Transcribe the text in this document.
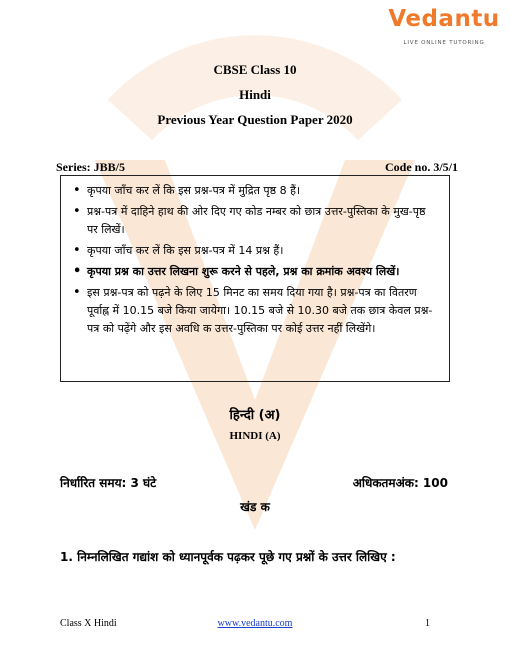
Vedantu
LIVE ONLINE TUTORING
CBSE Class 10
Hindi
Previous Year Question Paper 2020
Series: JBB/5	Code no. 3/5/1
• कृपया जाँच कर लें कि इस प्रश्न-पत्र में मुद्रित पृष्ठ 8 हैं।
• प्रश्न-पत्र में दाहिने हाथ की ओर दिए गए कोड नम्बर को छात्र उत्तर-पुस्तिका के मुख-पृष्ठ पर लिखें।
• कृपया जाँच कर लें कि इस प्रश्न-पत्र में 14 प्रश्न हैं।
• कृपया प्रश्न का उत्तर लिखना शुरू करने से पहले, प्रश्न का क्रमांक अवश्य लिखें।
• इस प्रश्न-पत्र को पढ़ने के लिए 15 मिनट का समय दिया गया है। प्रश्न-पत्र का वितरण पूर्वाह्न में 10.15 बजे किया जायेगा। 10.15 बजे से 10.30 बजे तक छात्र केवल प्रश्न-पत्र को पढ़ेंगे और इस अवधि क उत्तर-पुस्तिका पर कोई उत्तर नहीं लिखेंगे।
हिन्दी (अ)
HINDI (A)
निर्धारित समय: 3 घंटे	अधिकतमअंक: 100
खंड क
1. निम्नलिखित गद्यांश को ध्यानपूर्वक पढ़कर पूछे गए प्रश्नों के उत्तर लिखिए :
Class X Hindi	www.vedantu.com	1
